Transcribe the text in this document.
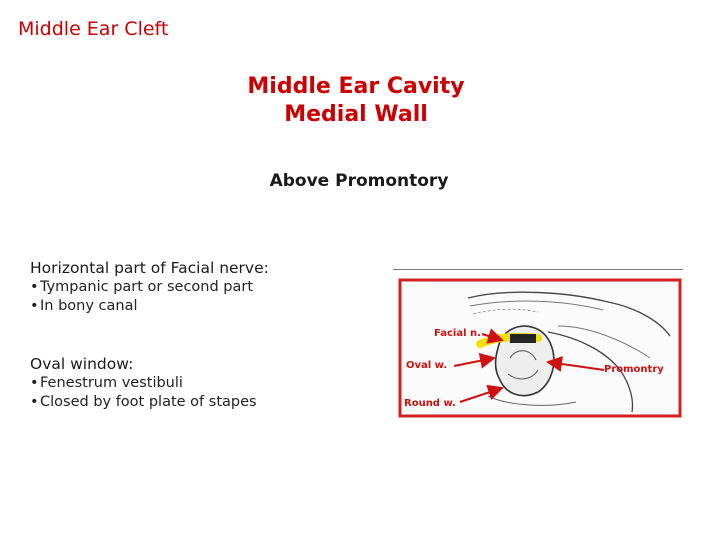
Middle Ear Cleft
Middle Ear Cavity
Medial Wall
Above Promontory
Horizontal part of Facial nerve:
•Tympanic part or second part
•In bony canal
Oval window:
•Fenestrum vestibuli
•Closed by foot plate of stapes
Facial n.
Oval w.	Promontry
Round w.
